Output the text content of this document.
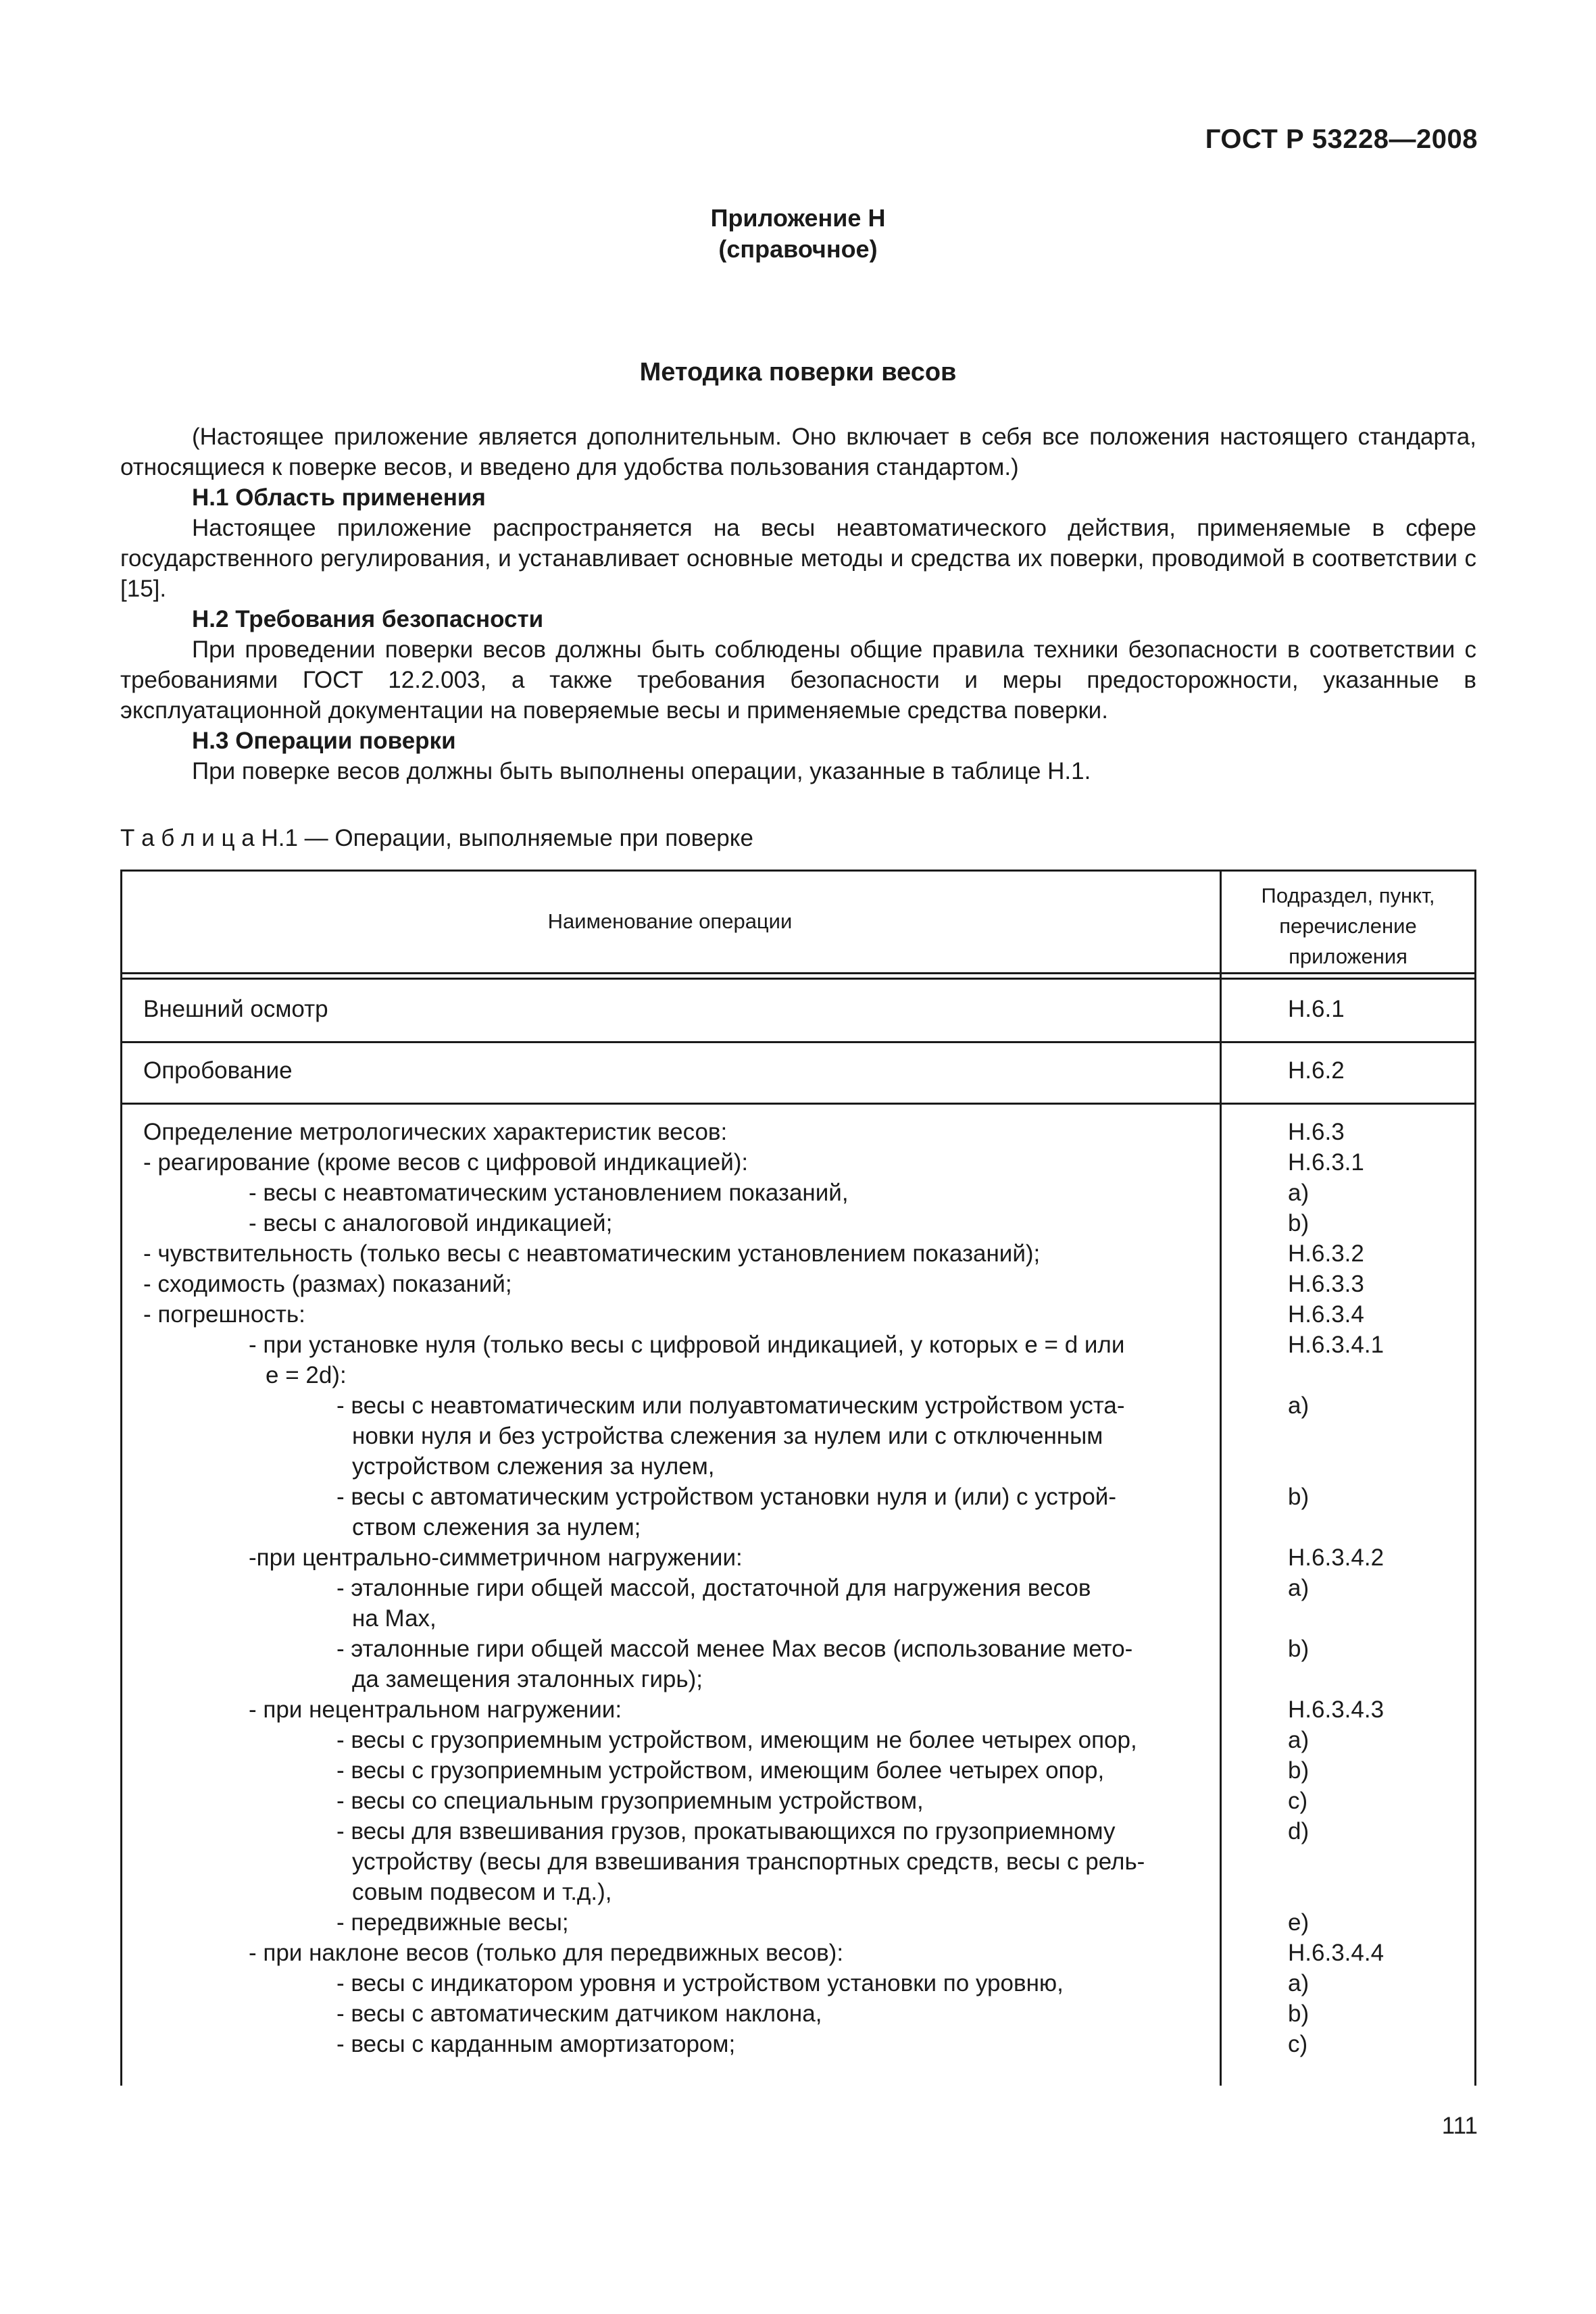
ГОСТ Р 53228—2008
Приложение Н
(справочное)
Методика поверки весов

(Настоящее приложение является дополнительным. Оно включает в себя все положения настоящего стандарта, относящиеся к поверке весов, и введено для удобства пользования стандартом.)

Н.1 Область применения

Настоящее приложение распространяется на весы неавтоматического действия, применяемые в сфере государственного регулирования, и устанавливает основные методы и средства их поверки, проводимой в соответствии с [15].

Н.2 Требования безопасности

При проведении поверки весов должны быть соблюдены общие правила техники безопасности в соответствии с требованиями ГОСТ 12.2.003, а также требования безопасности и меры предосторожности, указанные в эксплуатационной документации на поверяемые весы и применяемые средства поверки.

Н.3 Операции поверки

При поверке весов должны быть выполнены операции, указанные в таблице Н.1.

Т а б л и ц а Н.1 — Операции, выполняемые при поверке
Наименование операции
Подраздел, пункт,
перечисление
приложения
Внешний осмотр	Н.6.1
Опробование	Н.6.2
Определение метрологических характеристик весов:
- реагирование (кроме весов с цифровой индикацией):
- весы с неавтоматическим установлением показаний,
- весы с аналоговой индикацией;
- чувствительность (только весы с неавтоматическим установлением показаний);
- сходимость (размах) показаний;
- погрешность:
- при установке нуля (только весы с цифровой индикацией, у которых e = d или
e = 2d):
- весы с неавтоматическим или полуавтоматическим устройством уста-
новки нуля и без устройства слежения за нулем или с отключенным
устройством слежения за нулем,
- весы с автоматическим устройством установки нуля и (или) с устрой-
ством слежения за нулем;
-при центрально-симметричном нагружении:
- эталонные гири общей массой, достаточной для нагружения весов
на Мах,
- эталонные гири общей массой менее Мах весов (использование мето-
да замещения эталонных гирь);
- при нецентральном нагружении:
- весы с грузоприемным устройством, имеющим не более четырех опор,
- весы с грузоприемным устройством, имеющим более четырех опор,
- весы со специальным грузоприемным устройством,
- весы для взвешивания грузов, прокатывающихся по грузоприемному
устройству (весы для взвешивания транспортных средств, весы с рель-
совым подвесом и т.д.),
- передвижные весы;
- при наклоне весов (только для передвижных весов):
- весы с индикатором уровня и устройством установки по уровню,
- весы с автоматическим датчиком наклона,
- весы с карданным амортизатором;
Н.6.3
Н.6.3.1
а)
b)
Н.6.3.2
Н.6.3.3
Н.6.3.4
Н.6.3.4.1
а)
b)
Н.6.3.4.2
а)
b)
Н.6.3.4.3
а)
b)
с)
d)
е)
Н.6.3.4.4
а)
b)
с)
111
